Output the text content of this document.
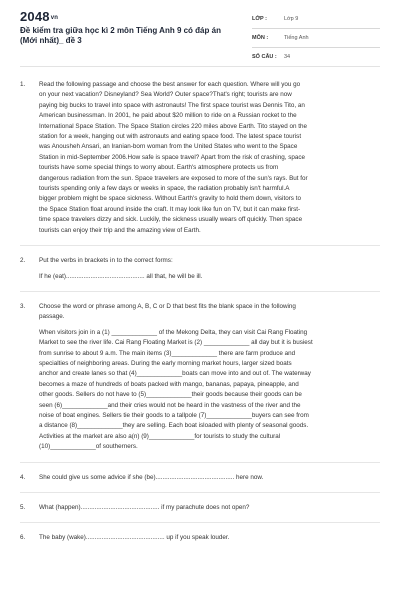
2048vn
Đề kiểm tra giữa học kì 2 môn Tiếng Anh 9 có đáp án (Mới nhất)_ đề 3
LỚP :	Lớp 9
MÔN :	Tiếng Anh
SỐ CÂU : 34
1. Read the following passage and choose the best answer for each question. Where will you go
on your next vacation? Disneyland? Sea World? Outer space?That's right; tourists are now
paying big bucks to travel into space with astronauts! The first space tourist was Dennis Tito, an
American businessman. In 2001, he paid about $20 million to ride on a Russian rocket to the
International Space Station. The Space Station circles 220 miles above Earth. Tito stayed on the
station for a week, hanging out with astronauts and eating space food. The latest space tourist
was Anousheh Ansari, an Iranian-born woman from the United States who went to the Space
Station in mid-September 2006.How safe is space travel? Apart from the risk of crashing, space
tourists have some special things to worry about. Earth's atmosphere protects us from
dangerous radiation from the sun. Space travelers are exposed to more of the sun's rays. But for
tourists spending only a few days or weeks in space, the radiation probably isn't harmful.A
bigger problem might be space sickness. Without Earth's gravity to hold them down, visitors to
the Space Station float around inside the craft. It may look like fun on TV, but it can make first-
time space travelers dizzy and sick. Luckily, the sickness usually wears off quickly. Then space
tourists can enjoy their trip and the amazing view of Earth.
2. Put the verbs in brackets in to the correct forms:
If he (eat)............................................. all that, he will be ill.
3. Choose the word or phrase among A, B, C or D that best fits the blank space in the following
passage.
When visitors join in a (1) _____________ of the Mekong Delta, they can visit Cai Rang Floating
Market to see the river life. Cai Rang Floating Market is (2) _____________ all day but it is busiest
from sunrise to about 9 a.m. The main items (3)_____________ there are farm produce and
specialties of neighboring areas. During the early morning market hours, larger sized boats
anchor and create lanes so that (4)_____________boats can move into and out of. The waterway
becomes a maze of hundreds of boats packed with mango, bananas, papaya, pineapple, and
other goods. Sellers do not have to (5)_____________their goods because their goods can be
seen (6)_____________and their cries would not be heard in the vastness of the river and the
noise of boat engines. Sellers tie their goods to a tallpole (7)_____________buyers can see from
a distance (8)_____________they are selling. Each boat isloaded with plenty of seasonal goods.
Activities at the market are also a(n) (9)_____________for tourists to study the cultural
(10)_____________of southerners.
4. She could give us some advice if she (be)............................................. here now.
5. What (happen)............................................. if my parachute does not open?
6. The baby (wake)............................................. up if you speak louder.
